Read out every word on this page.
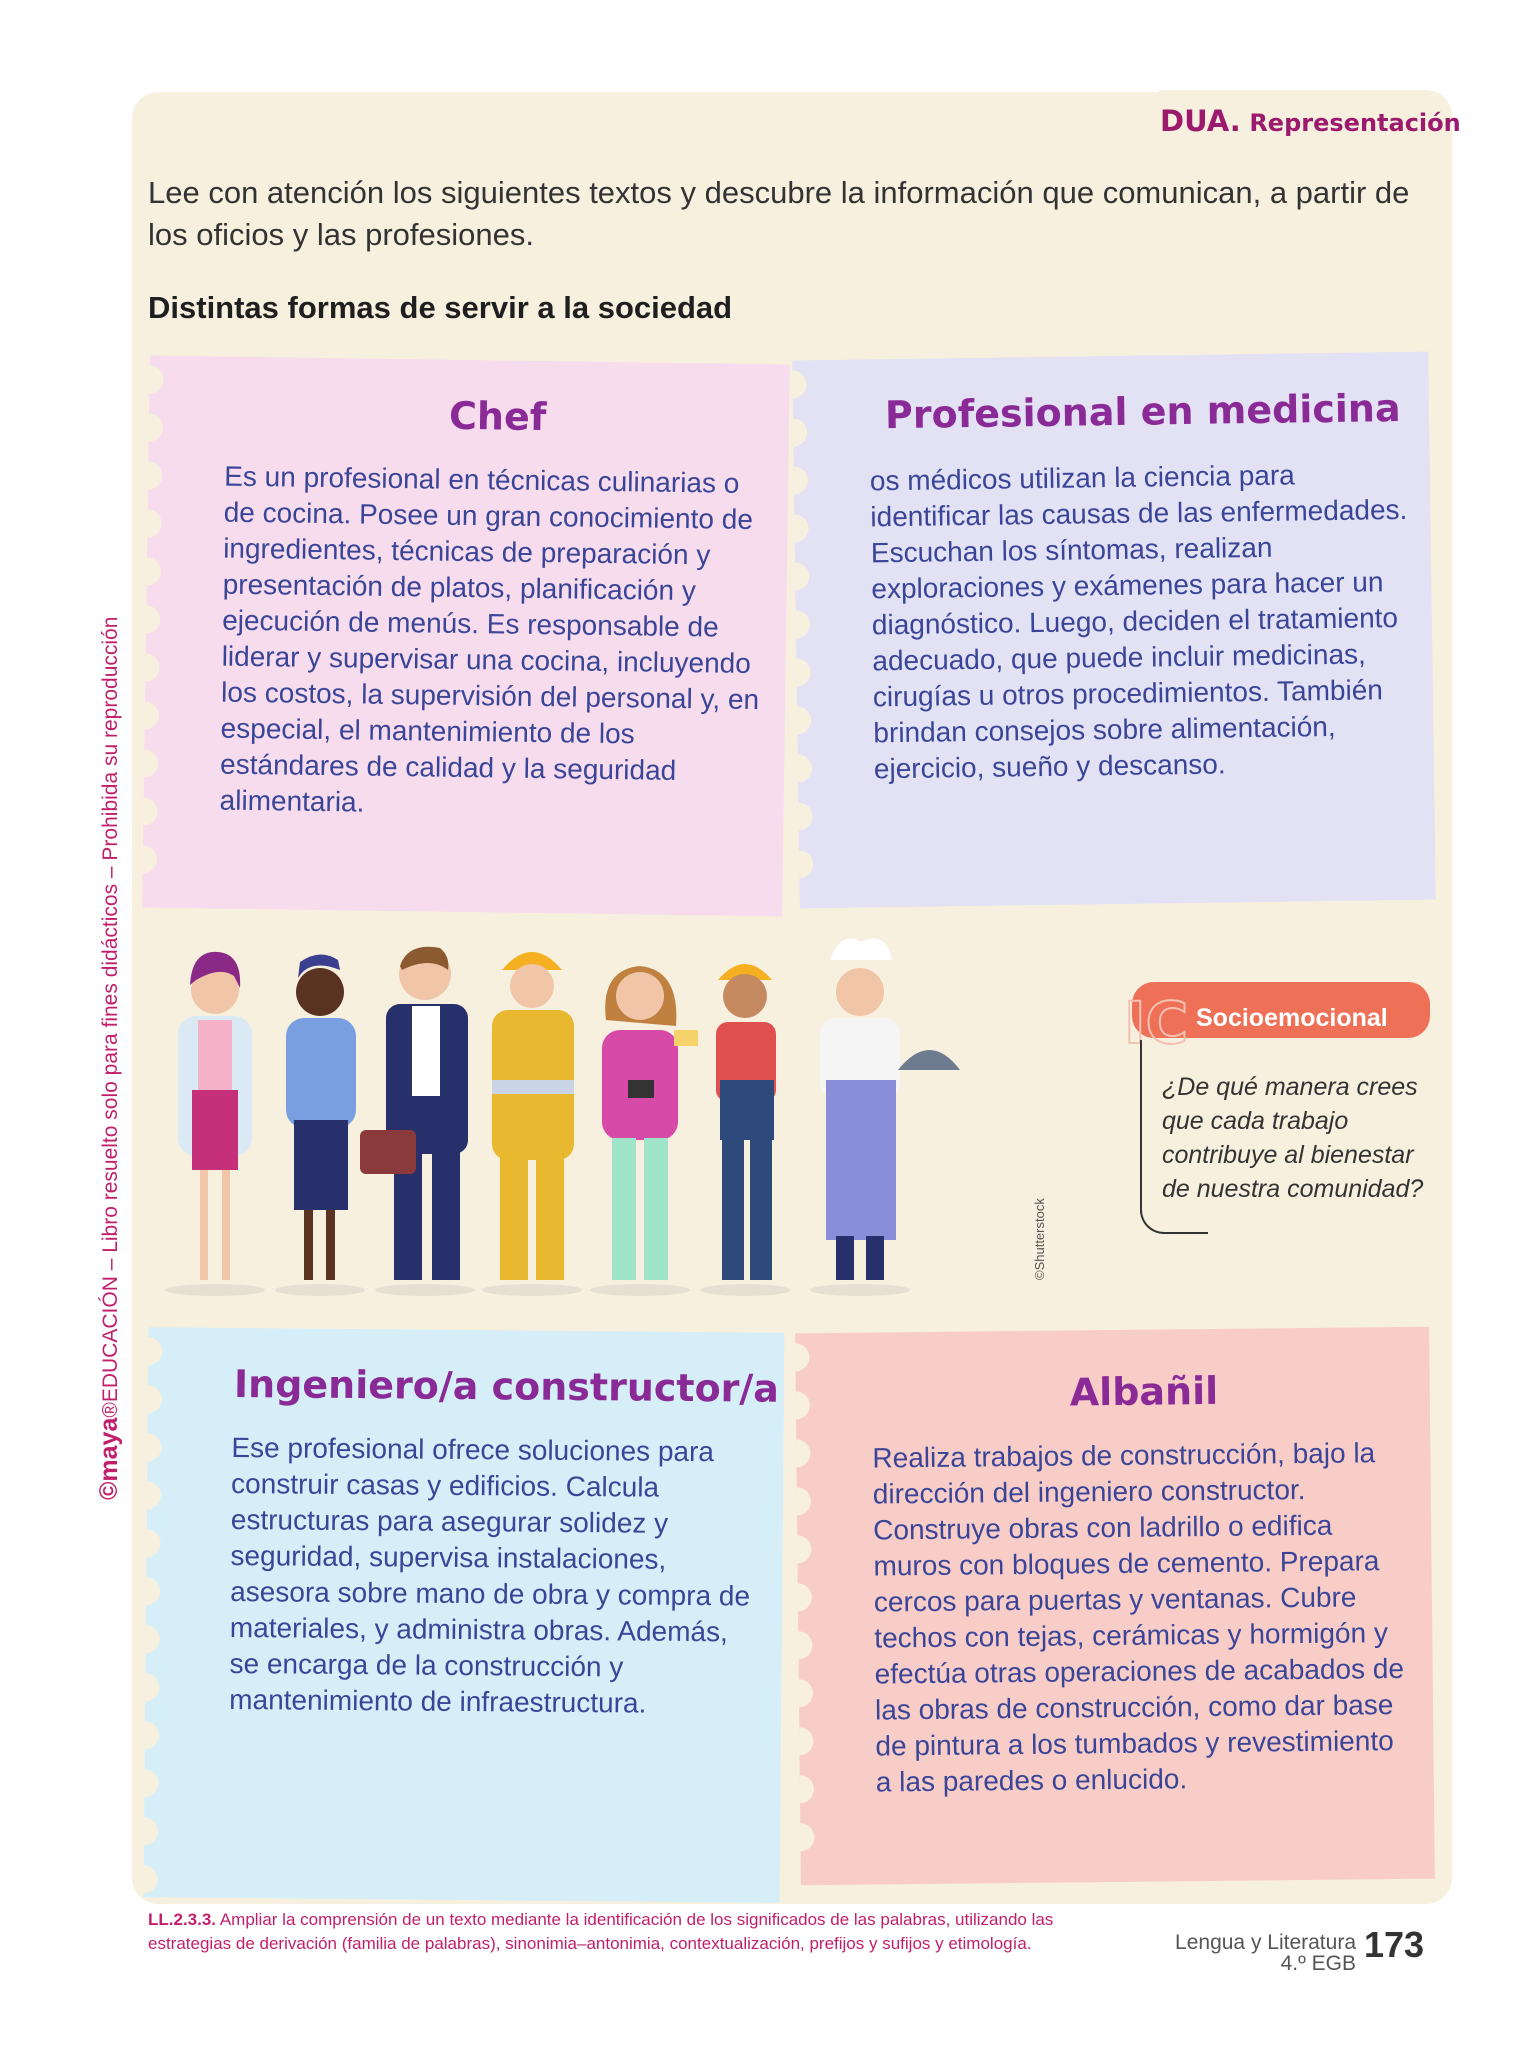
DUA. Representación
Lee con atención los siguientes textos y descubre la información que comunican, a partir de los oficios y las profesiones.
Distintas formas de servir a la sociedad
Chef

Es un profesional en técnicas culinarias o de cocina. Posee un gran conocimiento de ingredientes, técnicas de preparación y presentación de platos, planificación y ejecución de menús. Es responsable de liderar y supervisar una cocina, incluyendo los costos, la supervisión del personal y, en especial, el mantenimiento de los estándares de calidad y la seguridad alimentaria.

Profesional en medicina

os médicos utilizan la ciencia para identificar las causas de las enfermedades. Escuchan los síntomas, realizan exploraciones y exámenes para hacer un diagnóstico. Luego, deciden el tratamiento adecuado, que puede incluir medicinas, cirugías u otros procedimientos. También brindan consejos sobre alimentación, ejercicio, sueño y descanso.

©Shutterstock
IC Socioemocional
¿De qué manera crees que cada trabajo contribuye al bienestar de nuestra comunidad?
Ingeniero/a constructor/a

Ese profesional ofrece soluciones para construir casas y edificios. Calcula estructuras para asegurar solidez y seguridad, supervisa instalaciones, asesora sobre mano de obra y compra de materiales, y administra obras. Además, se encarga de la construcción y mantenimiento de infraestructura.

Albañil

Realiza trabajos de construcción, bajo la dirección del ingeniero constructor. Construye obras con ladrillo o edifica muros con bloques de cemento. Prepara cercos para puertas y ventanas. Cubre techos con tejas, cerámicas y hormigón y efectúa otras operaciones de acabados de las obras de construcción, como dar base de pintura a los tumbados y revestimiento a las paredes o enlucido.

©maya®EDUCACIÓN – Libro resuelto solo para fines didácticos – Prohibida su reproducción
LL.2.3.3. Ampliar la comprensión de un texto mediante la identificación de los significados de las palabras, utilizando las estrategias de derivación (familia de palabras), sinonimia–antonimia, contextualización, prefijos y sufijos y etimología.	Lengua y Literatura
4.º EGB 173
